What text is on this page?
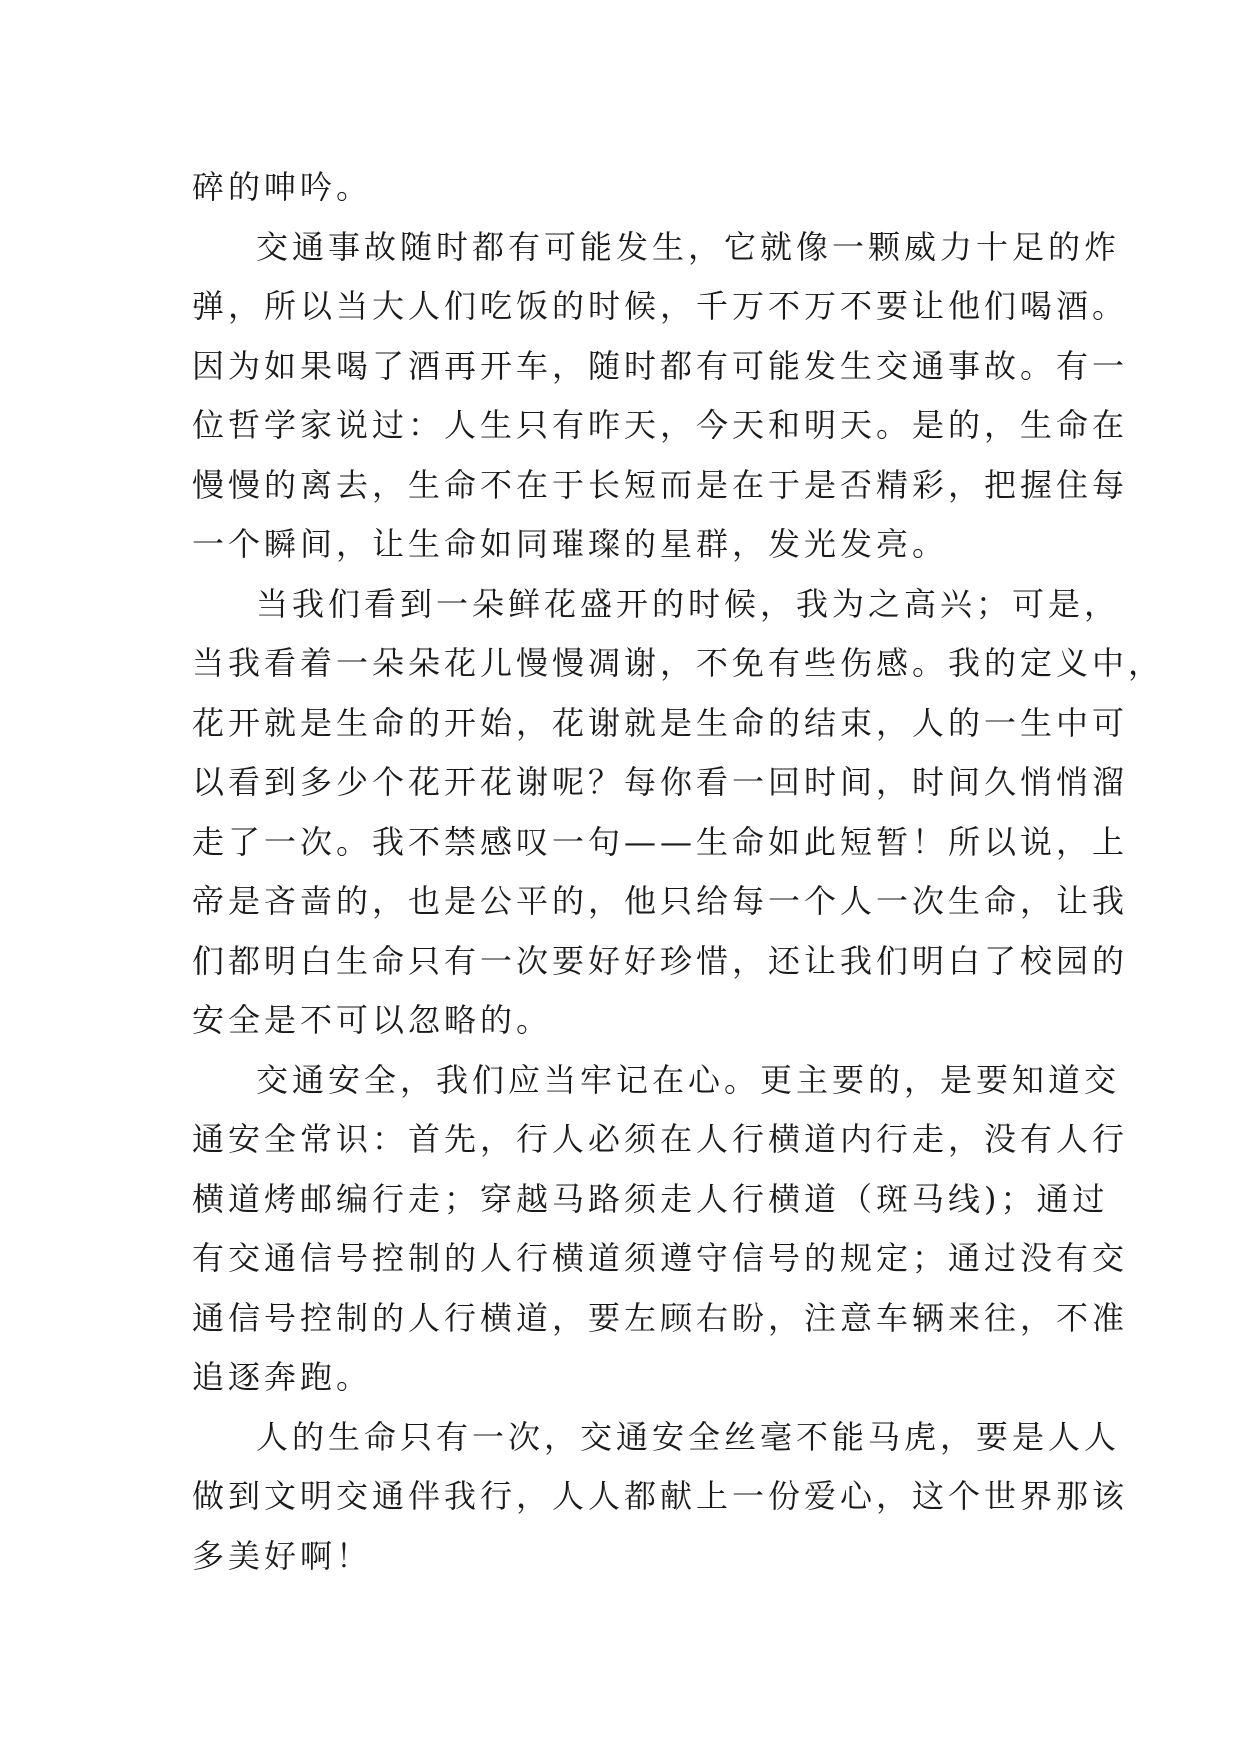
碎的呻吟。
交通事故随时都有可能发生，它就像一颗威力十足的炸
弹，所以当大人们吃饭的时候，千万不万不要让他们喝酒。
因为如果喝了酒再开车，随时都有可能发生交通事故。有一
位哲学家说过：人生只有昨天，今天和明天。是的，生命在
慢慢的离去，生命不在于长短而是在于是否精彩，把握住每
一个瞬间，让生命如同璀璨的星群，发光发亮。
当我们看到一朵鲜花盛开的时候，我为之高兴；可是，
当我看着一朵朵花儿慢慢凋谢，不免有些伤感。我的定义中，
花开就是生命的开始，花谢就是生命的结束，人的一生中可
以看到多少个花开花谢呢？每你看一回时间，时间久悄悄溜
走了一次。我不禁感叹一句——生命如此短暂！所以说，上
帝是吝啬的，也是公平的，他只给每一个人一次生命，让我
们都明白生命只有一次要好好珍惜，还让我们明白了校园的
安全是不可以忽略的。
交通安全，我们应当牢记在心。更主要的，是要知道交
通安全常识：首先，行人必须在人行横道内行走，没有人行
横道烤邮编行走；穿越马路须走人行横道（斑马线)；通过
有交通信号控制的人行横道须遵守信号的规定；通过没有交
通信号控制的人行横道，要左顾右盼，注意车辆来往，不准
追逐奔跑。
人的生命只有一次，交通安全丝毫不能马虎，要是人人
做到文明交通伴我行，人人都献上一份爱心，这个世界那该
多美好啊！
